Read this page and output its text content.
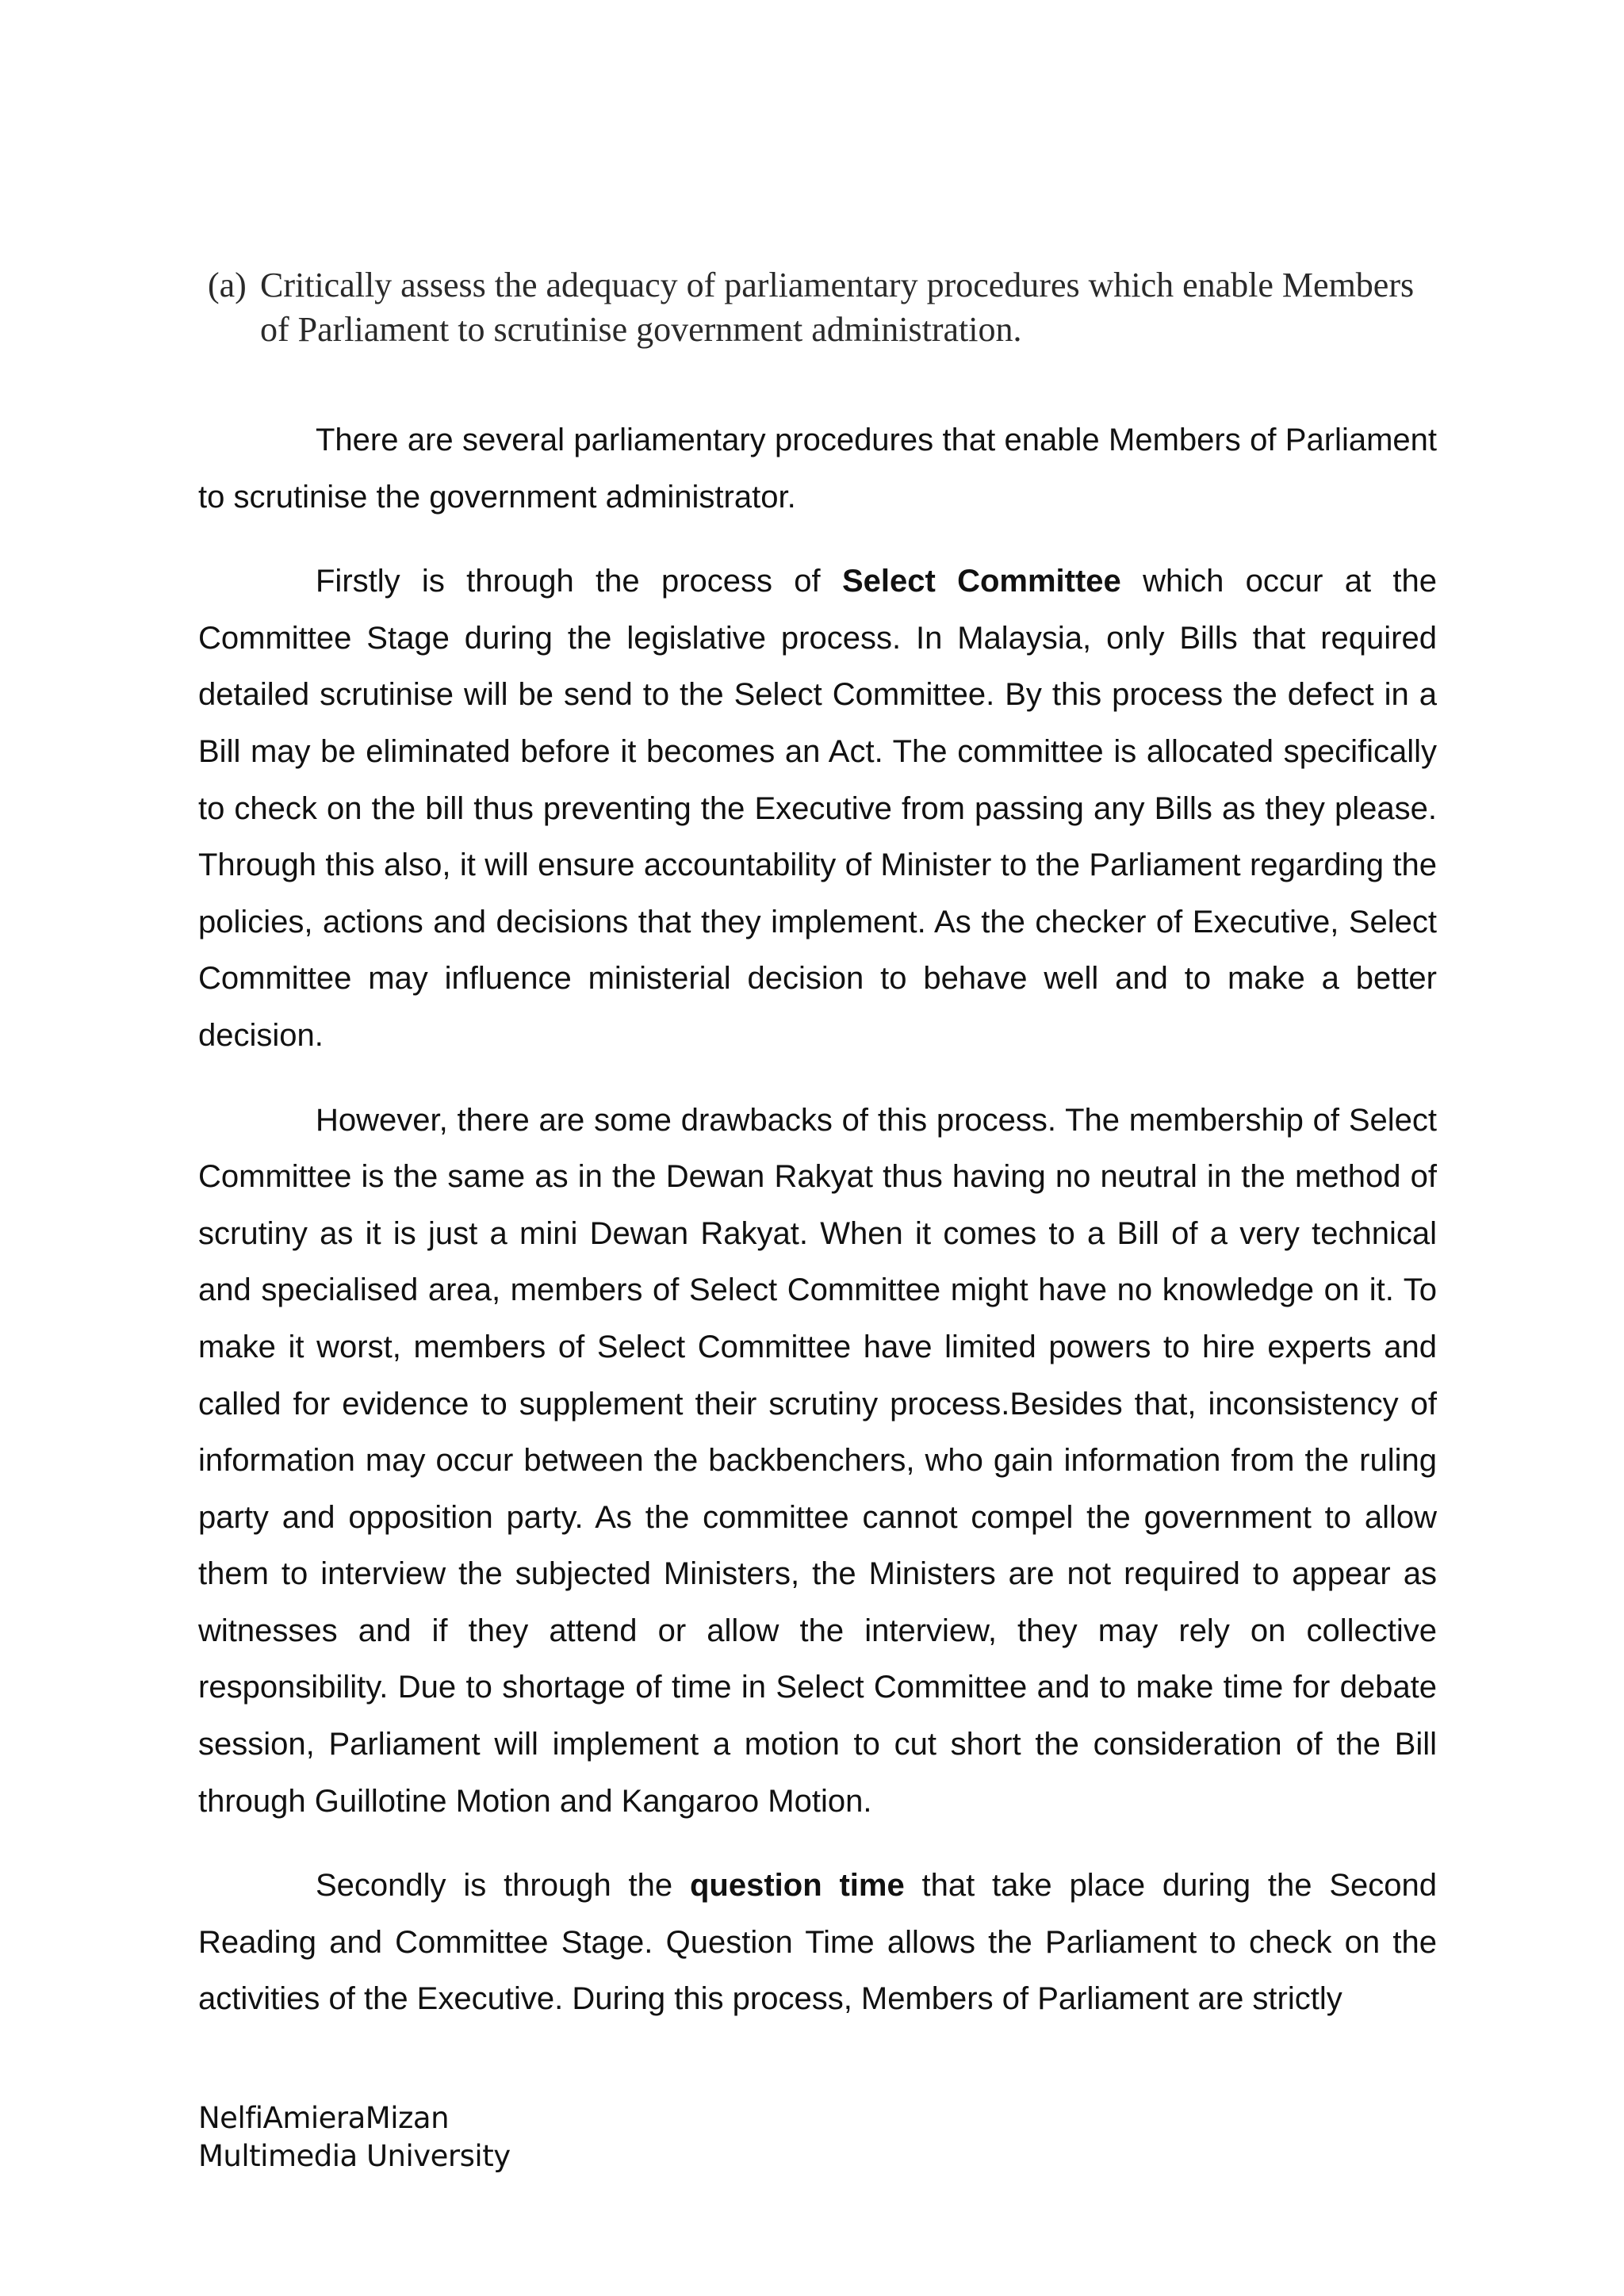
(a) Critically assess the adequacy of parliamentary procedures which enable Members of Parliament to scrutinise government administration.

There are several parliamentary procedures that enable Members of Parliament to scrutinise the government administrator.

Firstly is through the process of Select Committee which occur at the Committee Stage during the legislative process. In Malaysia, only Bills that required detailed scrutinise will be send to the Select Committee. By this process the defect in a Bill may be eliminated before it becomes an Act. The committee is allocated specifically to check on the bill thus preventing the Executive from passing any Bills as they please. Through this also, it will ensure accountability of Minister to the Parliament regarding the policies, actions and decisions that they implement. As the checker of Executive, Select Committee may influence ministerial decision to behave well and to make a better decision.

However, there are some drawbacks of this process. The membership of Select Committee is the same as in the Dewan Rakyat thus having no neutral in the method of scrutiny as it is just a mini Dewan Rakyat. When it comes to a Bill of a very technical and specialised area, members of Select Committee might have no knowledge on it. To make it worst, members of Select Committee have limited powers to hire experts and called for evidence to supplement their scrutiny process.Besides that, inconsistency of information may occur between the backbenchers, who gain information from the ruling party and opposition party. As the committee cannot compel the government to allow them to interview the subjected Ministers, the Ministers are not required to appear as witnesses and if they attend or allow the interview, they may rely on collective responsibility. Due to shortage of time in Select Committee and to make time for debate session, Parliament will implement a motion to cut short the consideration of the Bill through Guillotine Motion and Kangaroo Motion.

Secondly is through the question time that take place during the Second Reading and Committee Stage. Question Time allows the Parliament to check on the activities of the Executive. During this process, Members of Parliament are strictly

NelfiAmieraMizan
Multimedia University
